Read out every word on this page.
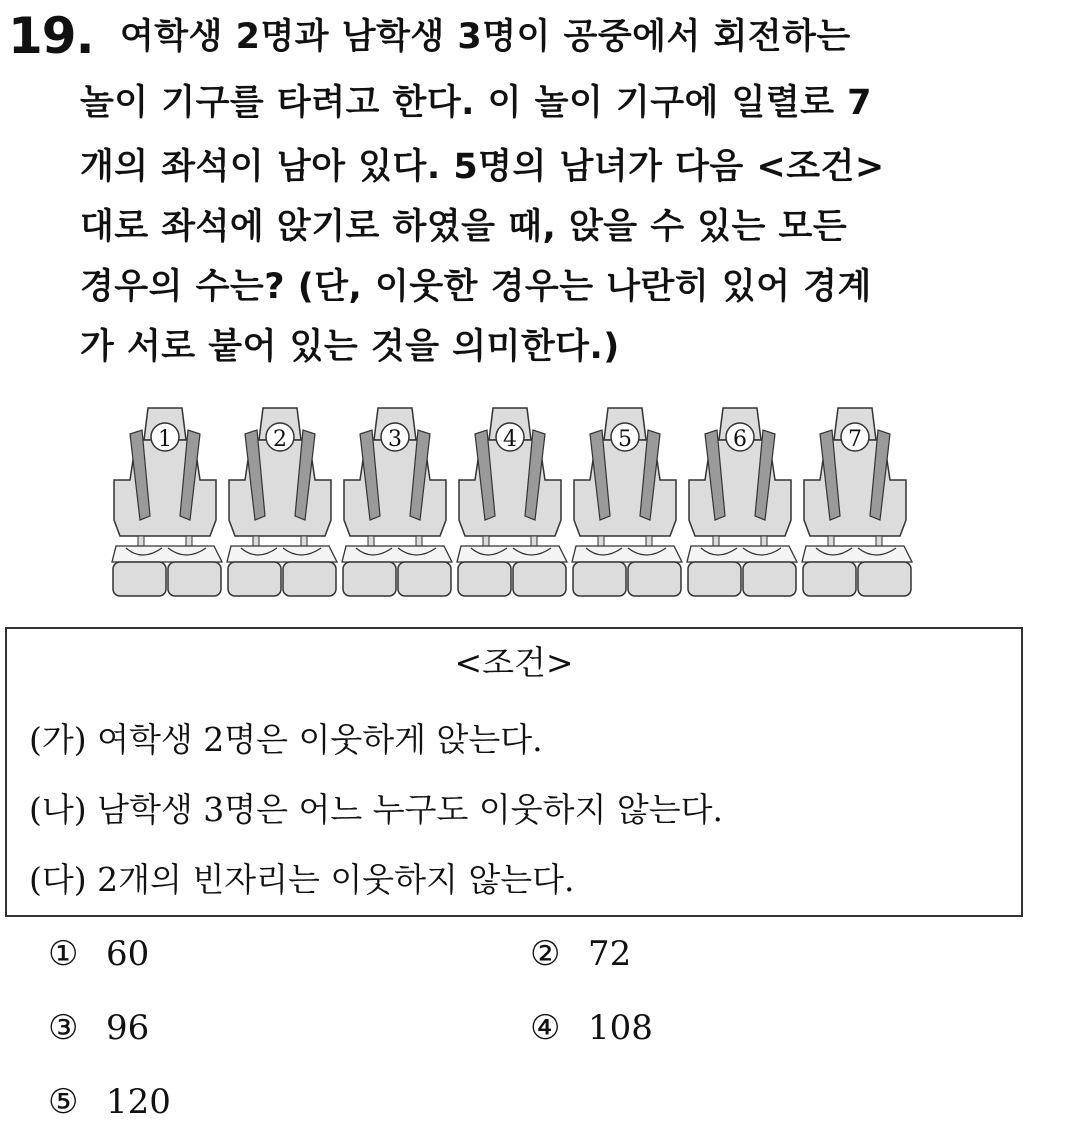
19. 여학생 2명과 남학생 3명이 공중에서 회전하는
놀이 기구를 타려고 한다. 이 놀이 기구에 일렬로 7
개의 좌석이 남아 있다. 5명의 남녀가 다음 <조건>
대로 좌석에 앉기로 하였을 때, 앉을 수 있는 모든
경우의 수는? (단, 이웃한 경우는 나란히 있어 경계
가 서로 붙어 있는 것을 의미한다.)
1	2	3	4	5	6	7
<조건>
(가) 여학생 2명은 이웃하게 앉는다.
(나) 남학생 3명은 어느 누구도 이웃하지 않는다.
(다) 2개의 빈자리는 이웃하지 않는다.
① 60	② 72
③ 96	④ 108
⑤ 120
